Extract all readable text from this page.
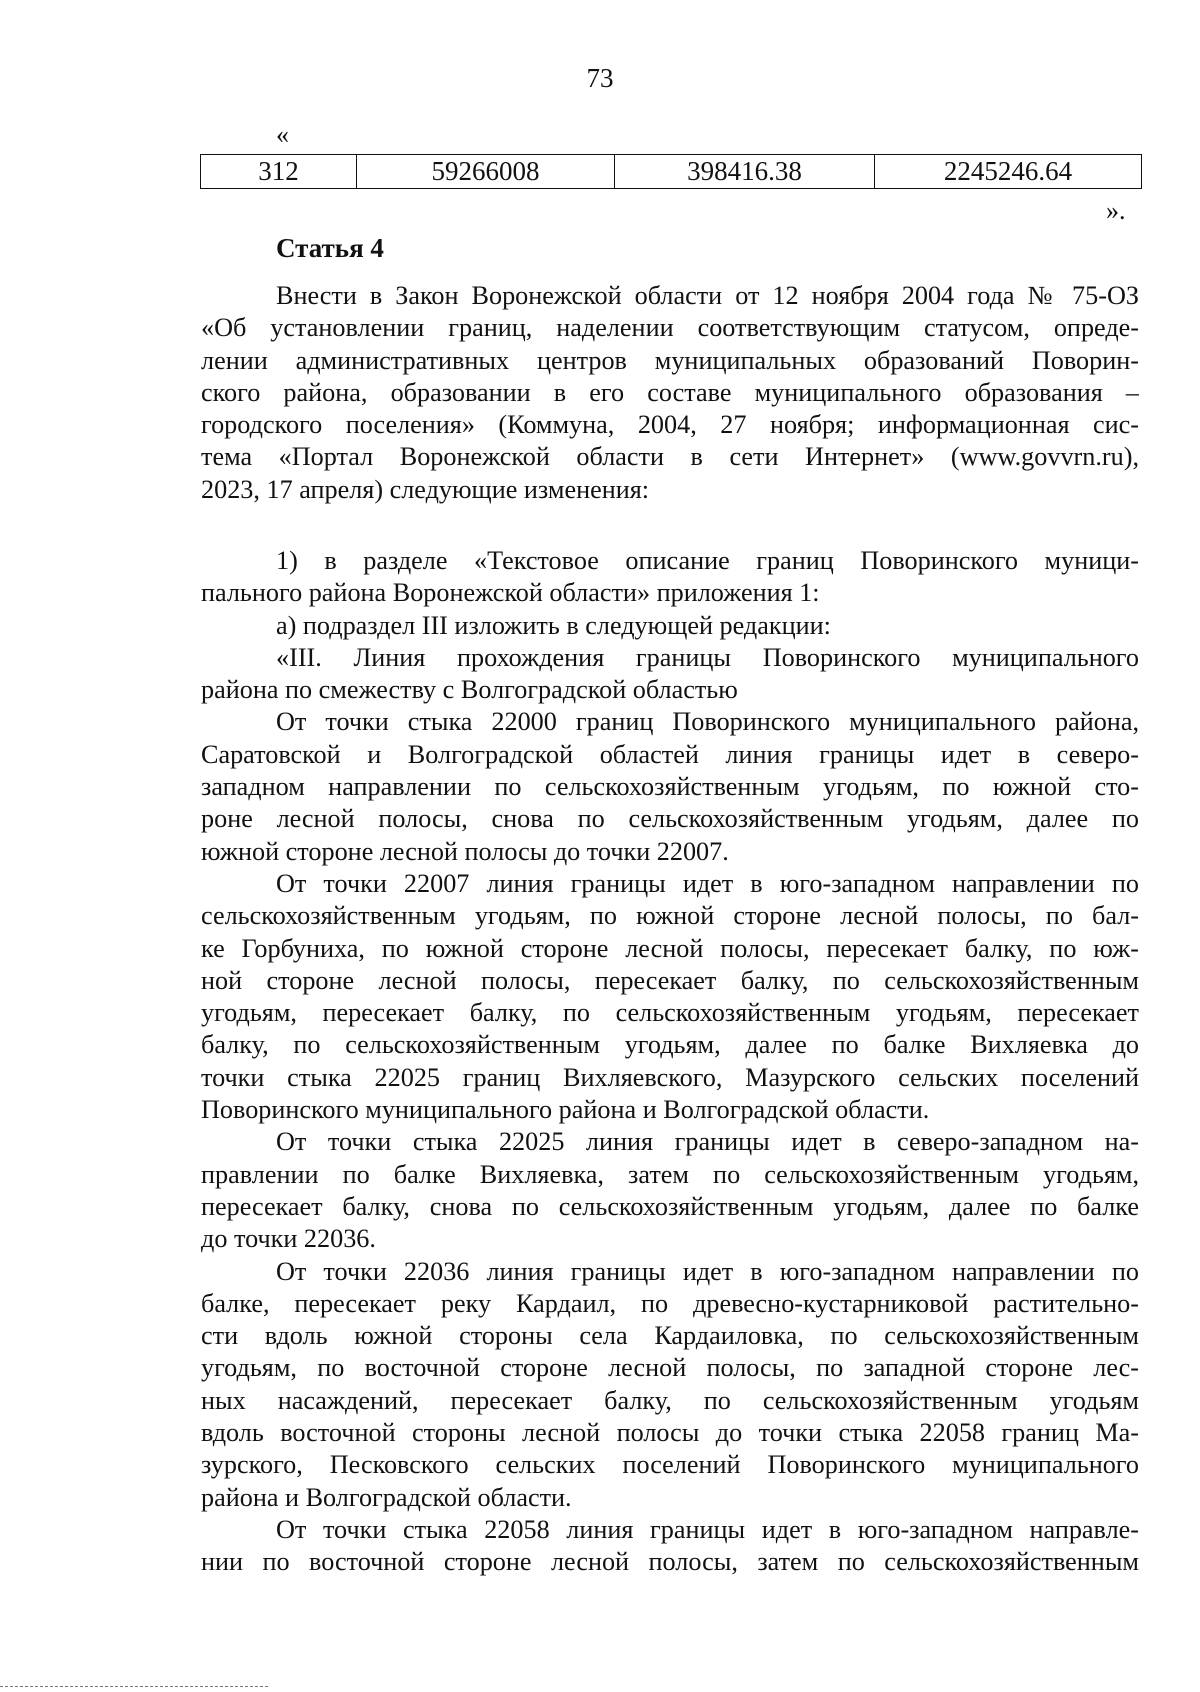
73
«
312	59266008	398416.38	2245246.64
».
Статья 4
Внести в Закон Воронежской области от 12 ноября 2004 года № 75-ОЗ
«Об установлении границ, наделении соответствующим статусом, опреде-
лении административных центров муниципальных образований Поворин-
ского района, образовании в его составе муниципального образования –
городского поселения» (Коммуна, 2004, 27 ноября; информационная сис-
тема «Портал Воронежской области в сети Интернет» (www.govvrn.ru),
2023, 17 апреля) следующие изменения:
1) в разделе «Текстовое описание границ Поворинского муници-
пального района Воронежской области» приложения 1:
а) подраздел III изложить в следующей редакции:
«III. Линия прохождения границы Поворинского муниципального
района по смежеству с Волгоградской областью
От точки стыка 22000 границ Поворинского муниципального района,
Саратовской и Волгоградской областей линия границы идет в северо-
западном направлении по сельскохозяйственным угодьям, по южной сто-
роне лесной полосы, снова по сельскохозяйственным угодьям, далее по
южной стороне лесной полосы до точки 22007.
От точки 22007 линия границы идет в юго-западном направлении по
сельскохозяйственным угодьям, по южной стороне лесной полосы, по бал-
ке Горбуниха, по южной стороне лесной полосы, пересекает балку, по юж-
ной стороне лесной полосы, пересекает балку, по сельскохозяйственным
угодьям, пересекает балку, по сельскохозяйственным угодьям, пересекает
балку, по сельскохозяйственным угодьям, далее по балке Вихляевка до
точки стыка 22025 границ Вихляевского, Мазурского сельских поселений
Поворинского муниципального района и Волгоградской области.
От точки стыка 22025 линия границы идет в северо-западном на-
правлении по балке Вихляевка, затем по сельскохозяйственным угодьям,
пересекает балку, снова по сельскохозяйственным угодьям, далее по балке
до точки 22036.
От точки 22036 линия границы идет в юго-западном направлении по
балке, пересекает реку Кардаил, по древесно-кустарниковой растительно-
сти вдоль южной стороны села Кардаиловка, по сельскохозяйственным
угодьям, по восточной стороне лесной полосы, по западной стороне лес-
ных насаждений, пересекает балку, по сельскохозяйственным угодьям
вдоль восточной стороны лесной полосы до точки стыка 22058 границ Ма-
зурского, Песковского сельских поселений Поворинского муниципального
района и Волгоградской области.
От точки стыка 22058 линия границы идет в юго-западном направле-
нии по восточной стороне лесной полосы, затем по сельскохозяйственным
